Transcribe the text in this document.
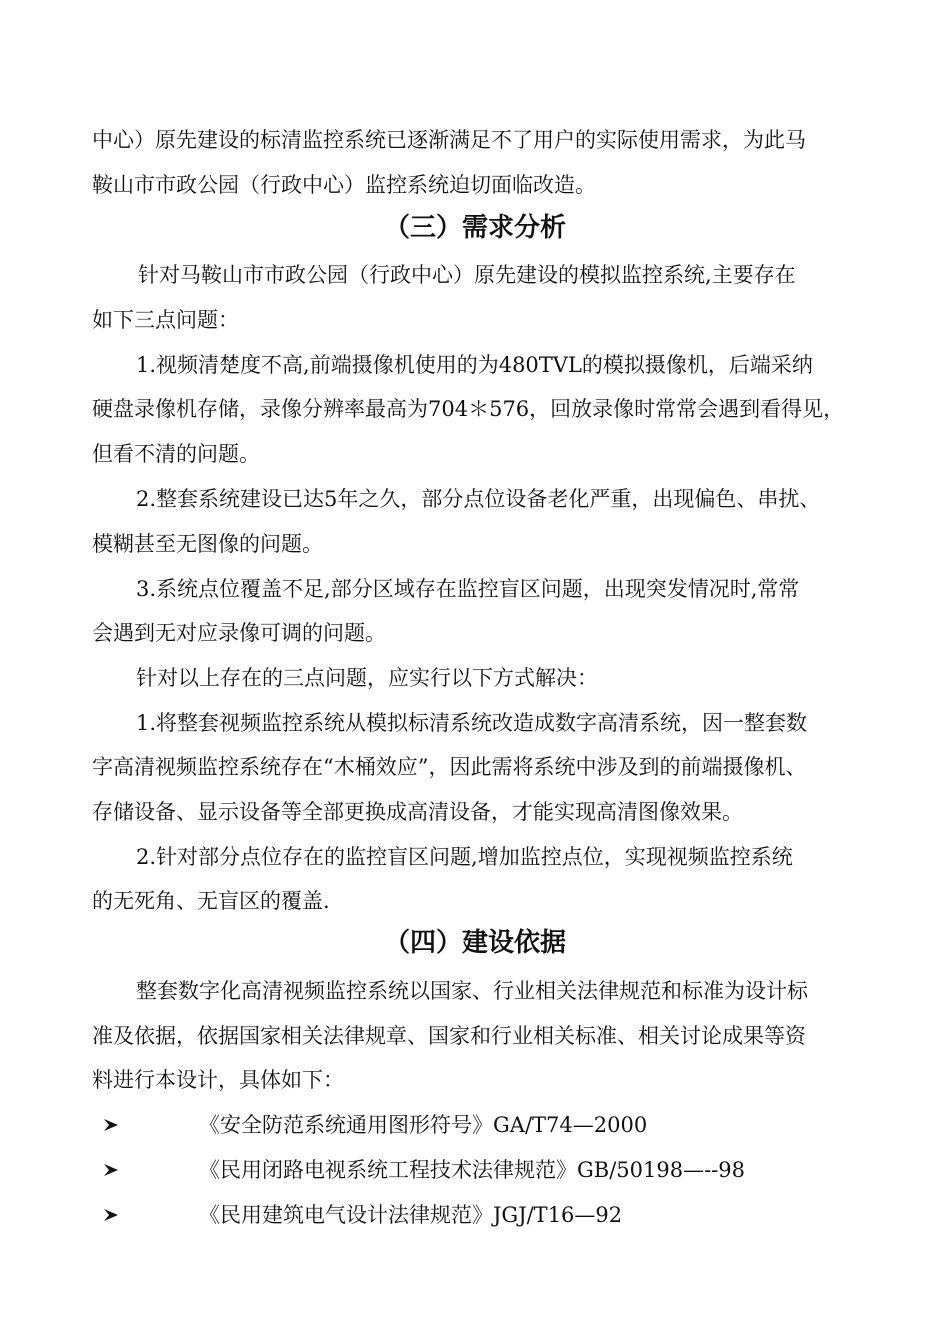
中心）原先建设的标清监控系统已逐渐满足不了用户的实际使用需求，为此马
鞍山市市政公园（行政中心）监控系统迫切面临改造。
（三）需求分析
针对马鞍山市市政公园（行政中心）原先建设的模拟监控系统,主要存在
如下三点问题：
1.视频清楚度不高,前端摄像机使用的为480TVL的模拟摄像机，后端采纳
硬盘录像机存储，录像分辨率最高为704＊576，回放录像时常常会遇到看得见，
但看不清的问题。
2.整套系统建设已达5年之久，部分点位设备老化严重，出现偏色、串扰、
模糊甚至无图像的问题。
3.系统点位覆盖不足,部分区域存在监控盲区问题，出现突发情况时,常常
会遇到无对应录像可调的问题。
针对以上存在的三点问题，应实行以下方式解决：
1.将整套视频监控系统从模拟标清系统改造成数字高清系统，因一整套数
字高清视频监控系统存在“木桶效应”，因此需将系统中涉及到的前端摄像机、
存储设备、显示设备等全部更换成高清设备，才能实现高清图像效果。
2.针对部分点位存在的监控盲区问题,增加监控点位，实现视频监控系统
的无死角、无盲区的覆盖.
（四）建设依据
整套数字化高清视频监控系统以国家、行业相关法律规范和标准为设计标
准及依据，依据国家相关法律规章、国家和行业相关标准、相关讨论成果等资
料进行本设计，具体如下：
《安全防范系统通用图形符号》GA/T74—2000
《民用闭路电视系统工程技术法律规范》GB/50198—--98
《民用建筑电气设计法律规范》JGJ/T16—92
